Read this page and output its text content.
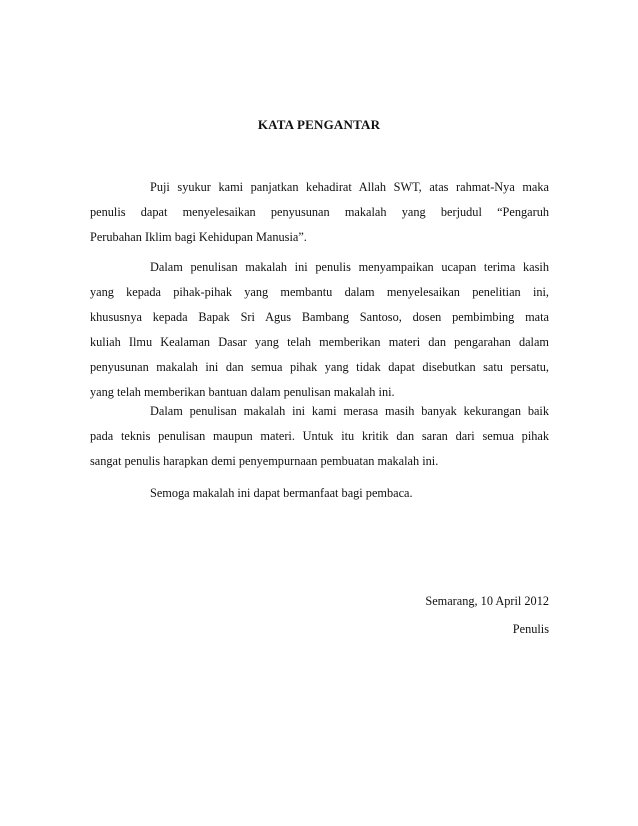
KATA PENGANTAR
Puji syukur kami panjatkan kehadirat Allah SWT, atas rahmat-Nya maka
penulis dapat menyelesaikan penyusunan makalah yang berjudul “Pengaruh
Perubahan Iklim bagi Kehidupan Manusia”.
Dalam penulisan makalah ini penulis menyampaikan ucapan terima kasih
yang kepada pihak-pihak yang membantu dalam menyelesaikan penelitian ini,
khususnya kepada Bapak Sri Agus Bambang Santoso, dosen pembimbing mata
kuliah Ilmu Kealaman Dasar yang telah memberikan materi dan pengarahan dalam
penyusunan makalah ini dan semua pihak yang tidak dapat disebutkan satu persatu,
yang telah memberikan bantuan dalam penulisan makalah ini.
Dalam penulisan makalah ini kami merasa masih banyak kekurangan baik
pada teknis penulisan maupun materi. Untuk itu kritik dan saran dari semua pihak
sangat penulis harapkan demi penyempurnaan pembuatan makalah ini.
Semoga makalah ini dapat bermanfaat bagi pembaca.
Semarang, 10 April 2012
Penulis
